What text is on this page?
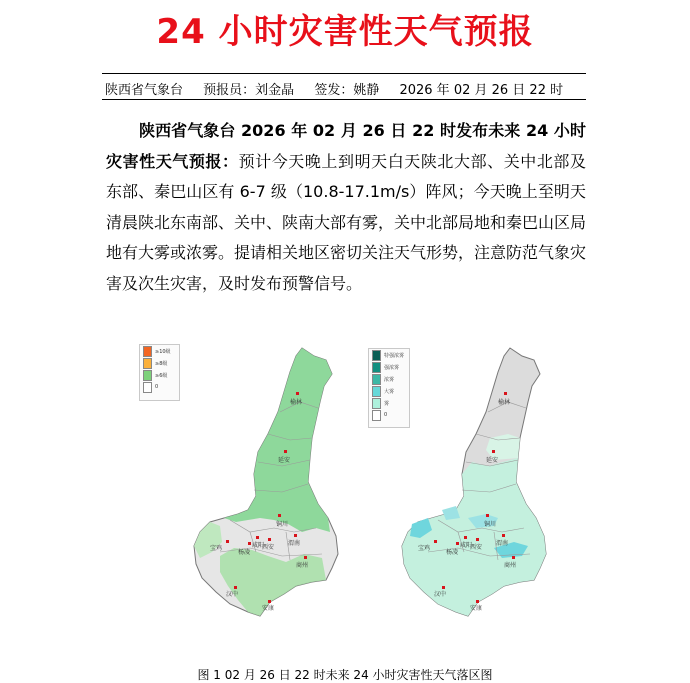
24 小时灾害性天气预报
陕西省气象台 预报员：刘金晶 签发：姚静 2026 年 02 月 26 日 22 时
陕西省气象台 2026 年 02 月 26 日 22 时发布未来 24 小时灾害性天气预报：预计今天晚上到明天白天陕北大部、关中北部及东部、秦巴山区有 6-7 级（10.8-17.1m/s）阵风；今天晚上至明天清晨陕北东南部、关中、陕南大部有雾，关中北部局地和秦巴山区局地有大雾或浓雾。提请相关地区密切关注天气形势，注意防范气象灾害及次生灾害，及时发布预警信号。
≥10级
≥8级
≥6级
0
榆林
延安
铜川
宝鸡
杨凌
咸阳
西安
渭南
商州
汉中
安康
特强浓雾
强浓雾
浓雾
大雾
雾
0
榆林
延安
铜川
宝鸡
杨凌
咸阳
西安
渭南
商州
汉中
安康
图 1 02 月 26 日 22 时未来 24 小时灾害性天气落区图
